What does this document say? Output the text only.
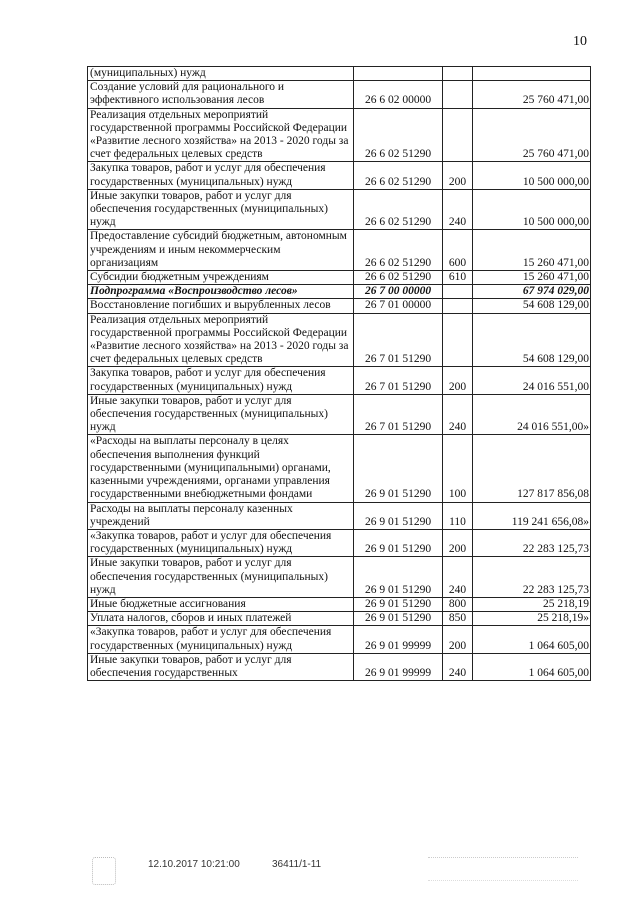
10
(муниципальных) нужд			
Создание условий для рационального и эффективного использования лесов	26 6 02 00000		25 760 471,00
Реализация отдельных мероприятий государственной программы Российской Федерации «Развитие лесного хозяйства» на 2013 - 2020 годы за счет федеральных целевых средств	26 6 02 51290		25 760 471,00
Закупка товаров, работ и услуг для обеспечения государственных (муниципальных) нужд	26 6 02 51290	200	10 500 000,00
Иные закупки товаров, работ и услуг для обеспечения государственных (муниципальных) нужд	26 6 02 51290	240	10 500 000,00
Предоставление субсидий бюджетным, автономным учреждениям и иным некоммерческим организациям	26 6 02 51290	600	15 260 471,00
Субсидии бюджетным учреждениям	26 6 02 51290	610	15 260 471,00
Подпрограмма «Воспроизводство лесов»	26 7 00 00000		67 974 029,00
Восстановление погибших и вырубленных лесов	26 7 01 00000		54 608 129,00
Реализация отдельных мероприятий государственной программы Российской Федерации «Развитие лесного хозяйства» на 2013 - 2020 годы за счет федеральных целевых средств	26 7 01 51290		54 608 129,00
Закупка товаров, работ и услуг для обеспечения государственных (муниципальных) нужд	26 7 01 51290	200	24 016 551,00
Иные закупки товаров, работ и услуг для обеспечения государственных (муниципальных) нужд	26 7 01 51290	240	24 016 551,00»
«Расходы на выплаты персоналу в целях обеспечения выполнения функций государственными (муниципальными) органами, казенными учреждениями, органами управления государственными внебюджетными фондами	26 9 01 51290	100	127 817 856,08
Расходы на выплаты персоналу казенных учреждений	26 9 01 51290	110	119 241 656,08»
«Закупка товаров, работ и услуг для обеспечения государственных (муниципальных) нужд	26 9 01 51290	200	22 283 125,73
Иные закупки товаров, работ и услуг для обеспечения государственных (муниципальных) нужд	26 9 01 51290	240	22 283 125,73
Иные бюджетные ассигнования	26 9 01 51290	800	25 218,19
Уплата налогов, сборов и иных платежей	26 9 01 51290	850	25 218,19»
«Закупка товаров, работ и услуг для обеспечения государственных (муниципальных) нужд	26 9 01 99999	200	1 064 605,00
Иные закупки товаров, работ и услуг для обеспечения государственных	26 9 01 99999	240	1 064 605,00
12.10.2017 10:21:00	36411/1-11
